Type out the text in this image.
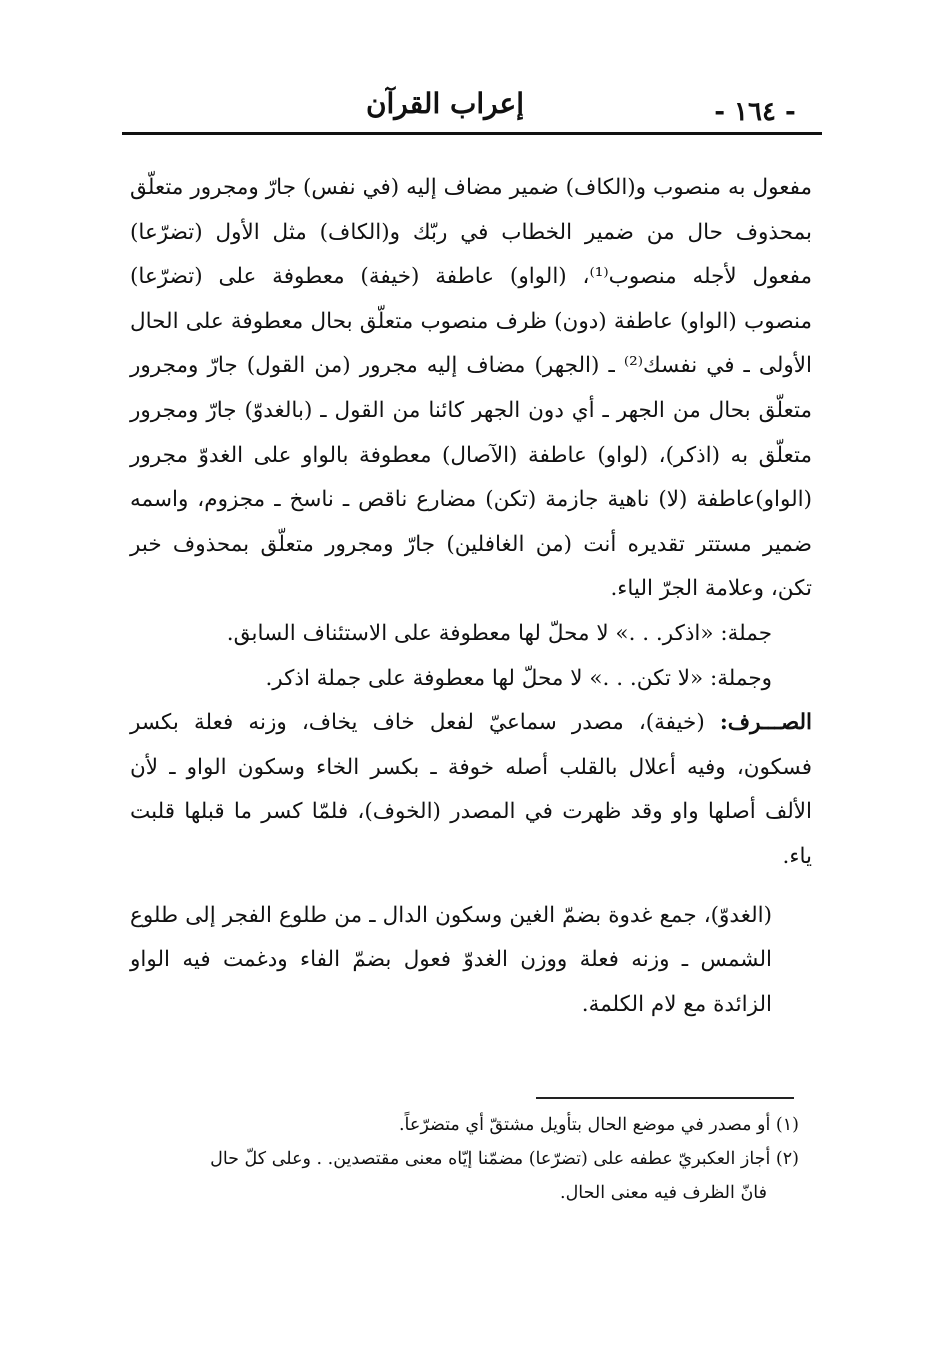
إعراب القرآن	- ١٦٤ -

مفعول به منصوب و(الكاف) ضمير مضاف إليه (في نفس) جارّ ومجرور متعلّق بمحذوف حال من ضمير الخطاب في ربّك و(الكاف) مثل الأول (تضرّعا) مفعول لأجله منصوب⁽¹⁾، (الواو) عاطفة (خيفة) معطوفة على (تضرّعا) منصوب (الواو) عاطفة (دون) ظرف منصوب متعلّق بحال معطوفة على الحال الأولى ـ في نفسك⁽²⁾ ـ (الجهر) مضاف إليه مجرور (من القول) جارّ ومجرور متعلّق بحال من الجهر ـ أي دون الجهر كائنا من القول ـ (بالغدوّ) جارّ ومجرور متعلّق به (اذكر)، (لواو) عاطفة (الآصال) معطوفة بالواو على الغدوّ مجرور (الواو)عاطفة (لا) ناهية جازمة (تكن) مضارع ناقص ـ ناسخ ـ مجزوم، واسمه ضمير مستتر تقديره أنت (من الغافلين) جارّ ومجرور متعلّق بمحذوف خبر تكن، وعلامة الجرّ الياء.

جملة: «اذكر. . .» لا محلّ لها معطوفة على الاستئناف السابق.

وجملة: «لا تكن. . .» لا محلّ لها معطوفة على جملة اذكر.

الصـــرف: (خيفة)، مصدر سماعيّ لفعل خاف يخاف، وزنه فعلة بكسر فسكون، وفيه أعلال بالقلب أصله خوفة ـ بكسر الخاء وسكون الواو ـ لأن الألف أصلها واو وقد ظهرت في المصدر (الخوف)، فلمّا كسر ما قبلها قلبت ياء.

(الغدوّ)، جمع غدوة بضمّ الغين وسكون الدال ـ من طلوع الفجر إلى طلوع الشمس ـ وزنه فعلة ووزن الغدوّ فعول بضمّ الفاء ودغمت فيه الواو الزائدة مع لام الكلمة.

(١) أو مصدر في موضع الحال بتأويل مشتقّ أي متضرّعاً.

(٢) أجاز العكبريّ عطفه على (تضرّعا) مضمّنا إيّاه معنى مقتصدين. . وعلى كلّ حال
فانّ الظرف فيه معنى الحال.
